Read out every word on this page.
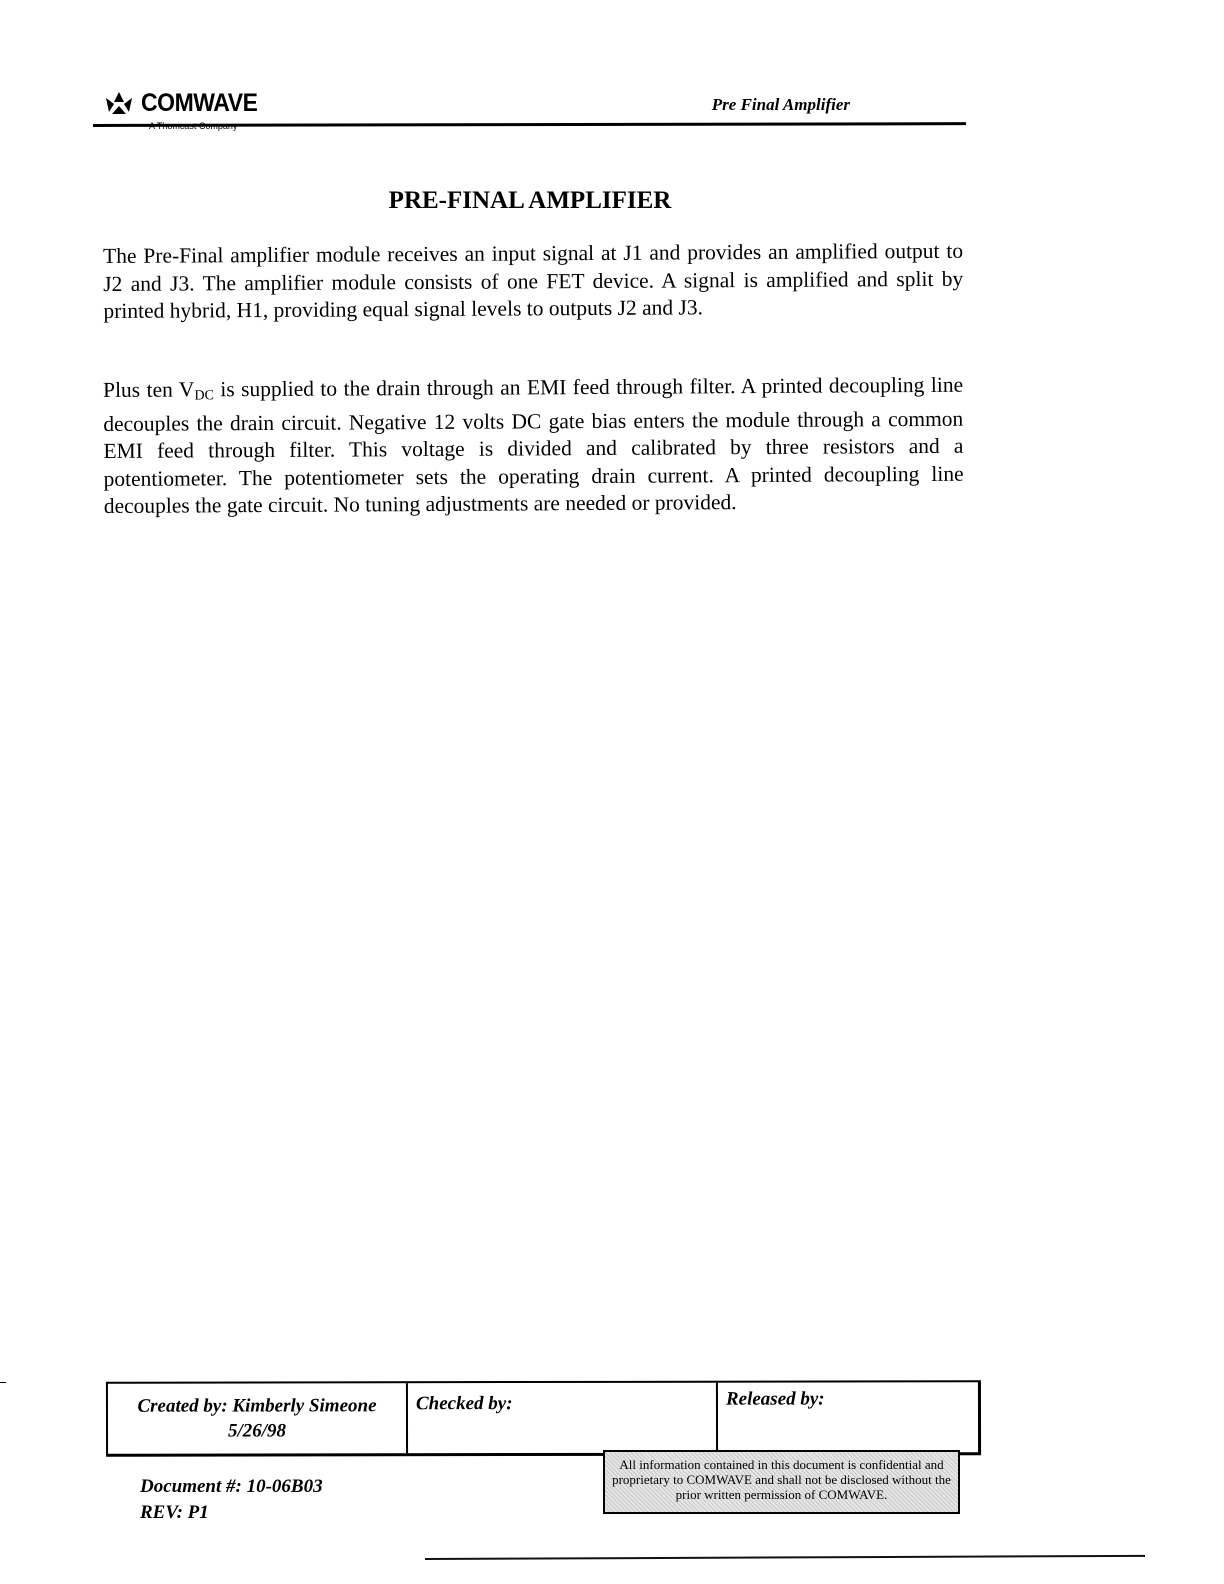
COMWAVE	Pre Final Amplifier
PRE-FINAL AMPLIFIER

The Pre-Final amplifier module receives an input signal at J1 and provides an amplified output to J2 and J3. The amplifier module consists of one FET device. A signal is amplified and split by printed hybrid, H1, providing equal signal levels to outputs J2 and J3.

Plus ten $V_{DC}$ is supplied to the drain through an EMI feed through filter. A printed decoupling line decouples the drain circuit. Negative 12 volts DC gate bias enters the module through a common EMI feed through filter. This voltage is divided and calibrated by three resistors and a potentiometer. The potentiometer sets the operating drain current. A printed decoupling line decouples the gate circuit. No tuning adjustments are needed or provided.

Created by: Kimberly Simeone
5/26/98
Checked by:	Released by:
Document #: 10-06B03
REV: P1
All information contained in this document is confidential and proprietary to COMWAVE and shall not be disclosed without the prior written permission of COMWAVE.
